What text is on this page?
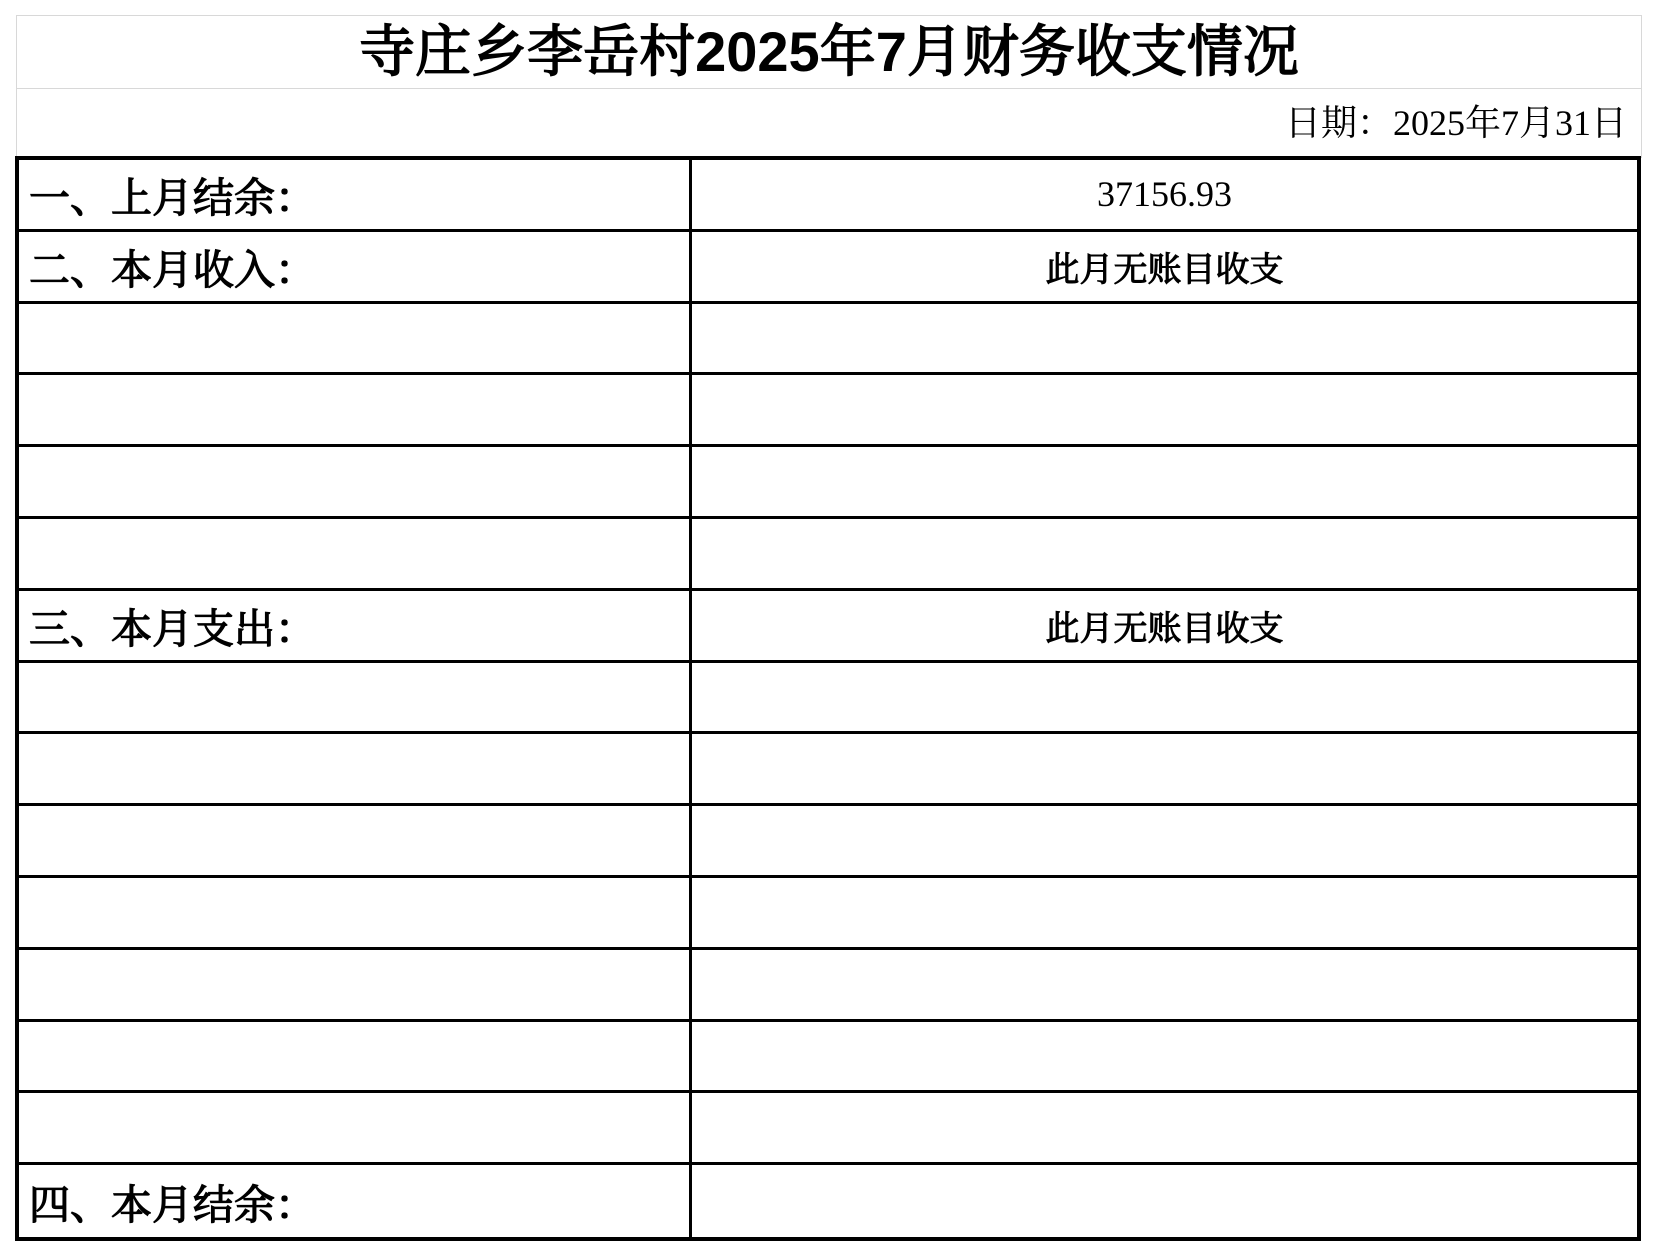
寺庄乡李岳村2025年7月财务收支情况
日期：2025年7月31日
一、上月结余：	37156.93
二、本月收入：	此月无账目收支
三、本月支出：	此月无账目收支
四、本月结余：
